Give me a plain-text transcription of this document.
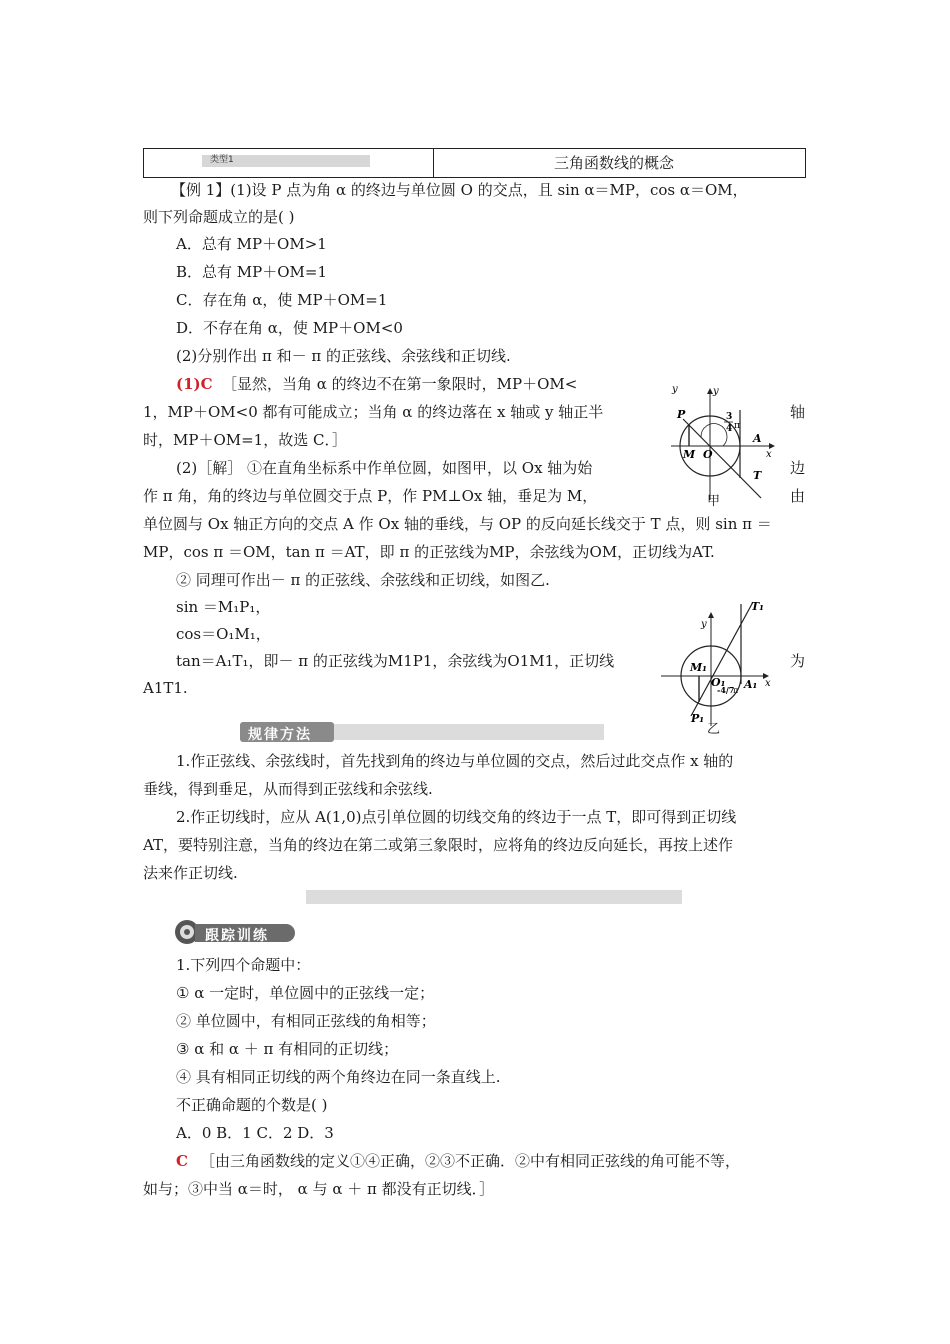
类型1	三角函数线的概念
【例 1】(1)设 P 点为角 α 的终边与单位圆 O 的交点，且 sin α＝MP，cos α＝OM，
则下列命题成立的是( )
A．总有 MP＋OM>1
B．总有 MP＋OM=1
C．存在角 α，使 MP＋OM=1
D．不存在角 α，使 MP＋OM<0
(2)分别作出 π 和－ π 的正弦线、余弦线和正切线.
(1)C ［显然，当角 α 的终边不在第一象限时，MP＋OM<
1，MP＋OM<0 都有可能成立；当角 α 的终边落在 x 轴或 y 轴正半
时，MP＋OM=1，故选 C．］
(2)［解］ ①在直角坐标系中作单位圆，如图甲，以 Ox 轴为始
作 π 角，角的终边与单位圆交于点 P，作 PM⊥Ox 轴，垂足为 M，
单位圆与 Ox 轴正方向的交点 A 作 Ox 轴的垂线，与 OP 的反向延长线交于 T 点，则 sin π ＝
MP，cos π ＝OM，tan π ＝AT，即 π 的正弦线为MP，余弦线为OM，正切线为AT.
② 同理可作出－ π 的正弦线、余弦线和正切线，如图乙.
sin ＝M₁P₁，
cos＝O₁M₁，
tan＝A₁T₁，即－ π 的正弦线为M1P1，余弦线为O1M1，正切线
A1T1.
轴
边
由
为
y	y
x
P
M O
A
T
3
4 π
甲
T₁
y
x
M₁
O₁ A₁
P₁
-4/7
π
乙
规律方法
1.作正弦线、余弦线时，首先找到角的终边与单位圆的交点，然后过此交点作 x 轴的
垂线，得到垂足，从而得到正弦线和余弦线.
2.作正切线时，应从 A(1,0)点引单位圆的切线交角的终边于一点 T，即可得到正切线
AT，要特别注意，当角的终边在第二或第三象限时，应将角的终边反向延长，再按上述作
法来作正切线.
跟踪训练
1.下列四个命题中：
① α 一定时，单位圆中的正弦线一定；
② 单位圆中，有相同正弦线的角相等；
③ α 和 α ＋ π 有相同的正切线；
④ 具有相同正切线的两个角终边在同一条直线上.
不正确命题的个数是( )
A．0 B．1 C．2 D．3
C ［由三角函数线的定义①④正确，②③不正确．②中有相同正弦线的角可能不等，
如与；③中当 α＝时， α 与 α ＋ π 都没有正切线．］
